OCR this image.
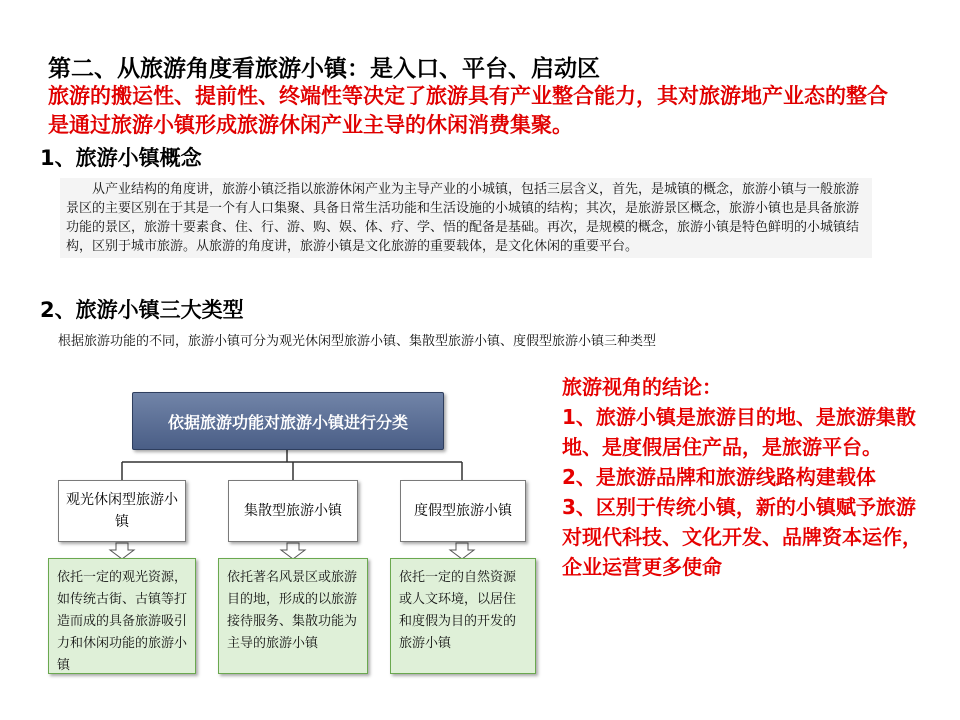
第二、从旅游角度看旅游小镇：是入口、平台、启动区
旅游的搬运性、提前性、终端性等决定了旅游具有产业整合能力，其对旅游地产业态的整合是通过旅游小镇形成旅游休闲产业主导的休闲消费集聚。
1、旅游小镇概念
从产业结构的角度讲，旅游小镇泛指以旅游休闲产业为主导产业的小城镇，包括三层含义，首先，是城镇的概念，旅游小镇与一般旅游景区的主要区别在于其是一个有人口集聚、具备日常生活功能和生活设施的小城镇的结构；其次，是旅游景区概念，旅游小镇也是具备旅游功能的景区，旅游十要素食、住、行、游、购、娱、体、疗、学、悟的配备是基础。再次，是规模的概念，旅游小镇是特色鲜明的小城镇结构，区别于城市旅游。从旅游的角度讲，旅游小镇是文化旅游的重要载体，是文化休闲的重要平台。
2、旅游小镇三大类型
根据旅游功能的不同，旅游小镇可分为观光休闲型旅游小镇、集散型旅游小镇、度假型旅游小镇三种类型
依据旅游功能对旅游小镇进行分类
观光休闲型旅游小镇
集散型旅游小镇	度假型旅游小镇
依托一定的观光资源，如传统古街、古镇等打造而成的具备旅游吸引力和休闲功能的旅游小镇
依托著名风景区或旅游目的地，形成的以旅游接待服务、集散功能为主导的旅游小镇
依托一定的自然资源或人文环境，以居住和度假为目的开发的旅游小镇
旅游视角的结论：
1、旅游小镇是旅游目的地、是旅游集散地、是度假居住产品，是旅游平台。
2、是旅游品牌和旅游线路构建载体
3、区别于传统小镇，新的小镇赋予旅游对现代科技、文化开发、品牌资本运作，企业运营更多使命
